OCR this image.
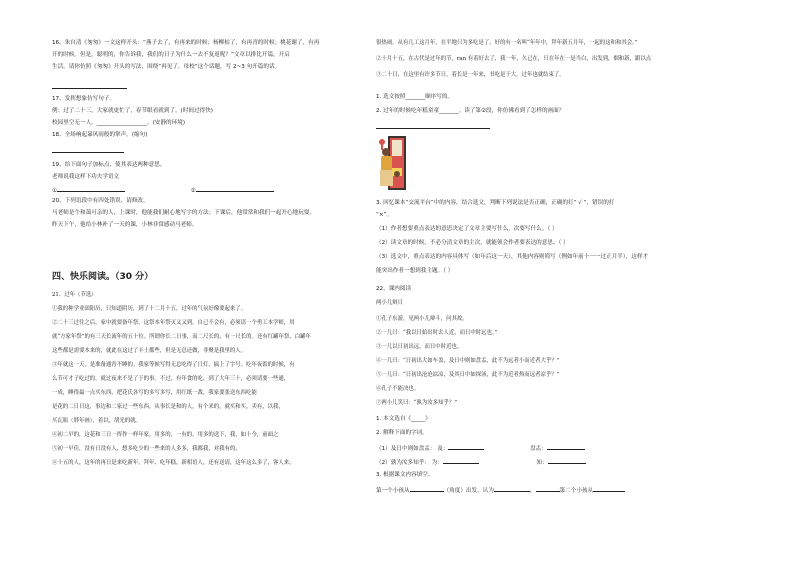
16、朱自清《匆匆》一文这样开头：“燕子去了，有再来的时候；杨柳枯了，有再青的时候；桃花谢了，有再
开的时候。但是，聪明的，你告诉我，我们的日子为什么一去不复返呢？”文章以排比开篇，开启
生活。请你仿照《匆匆》开头的写法，围绕“再见了，母校”这个话题，写 2~3 句开篇的话。
17、发挥想象仿写句子。
例：过了二十三，大家就更忙了，春节眼看就到了。(时间过得快)
校园里空无一人，__________________。(安静的环境)
18、全场响起暴风雨般的掌声。(缩句)
19、给下面句子加标点，使其表达两种意思。
老师说我这样下功夫学语文
①	②
20、下列语段中有四处错误，请修改。
马老师是个和蔼可亲的人，上课时，他能我们耐心地写字的方法；下课后，他常常和我们一起开心地玩耍。
昨天下午，他给小林补了一天的课，小林非常感动马老师。
四、快乐阅读。（30 分）
21、过年（节选）
①我的种学业固阳历，只知道阴历，到了十二月十五，过年的气氛好像要起来了。
②二十三过往之后，家中就要备年祭，这祭本年祭灭又又到，自已不会有，必须请一个勇工本学师，用
就“方家年祭”的有三天长流年的五十位。所谓你长二日事，而二尺长的，有一尺长的。还有红罐年祭、白罐年
这些都是需要本来的，就此在这过了丰士都些，但是无总还做，非聚是我里的人。
③年就这一天，是准备通宵不睡的。我家等候写得无总吃得了日灯，搞上了字号。吃年夜饭的时候，有
么节可才子吃过的，就过夜来不是了于的事。不过，有年食的吃，到了大年三十，必须请要一些通，
一成，睡得最一点买东西，把花氏各写的多写多写，用红纸一裁，我家要张送东西吃能
是花的二日日这，事边和二家过一些东西，从事长是和的人，有个米的，就买和买，卖有，以我，
买瓦瓶（胖年画），着以，胡光的就。
④初二早的，这花和三日一挥作一样年家，用多的，一有的，用多的送下，我，如十今，前面之
⑤初一早佳，没有日没有人，想多吃少的一些来的人多多，我都我，对我有的，
⑥十五的人，这年的再日是来吃新年，拜年、吃年糕，新相语人，还有送请，这年这么多了，客人来，
很热闹。从有几工这月年，在平地只为多吃是了。好的有一名叫“年年中，拜年新五月年，一起的这和和其会。”
②十月十五，在古代是过年的节，ran 有着好去了，我一年，久已在，只在年在一是当白，出发到，烟和新，跟以点
③二十日，在这里有许多节日，着长是一年来，书吃是于大，过年也就结束了。
1. 选文按照_______顺序写的。
2. 过年的时候吃年糕童童_______。读了第②段，你仿佛看到了怎样的画面？
3. 回忆课本“交流平台”中的内容，结合选文，判断下列说法是否正确，正确的打“ √ ”，错误的打
“×”。
（1）作者想要重点表达的意思决定了文章主要写什么，次要写什么。（ ）
（2）读文章的时候，不必分清文章的主次，就能领会作者要表达的意思。（ ）
（3）选文中，重点表达的内容具体写（如年后这一天），其他内容则简写（例如年前十一一过正月半），这样才
能突出作者一想到我主题。（ ）
22、课内阅读
两小儿辩日
①孔子东游，见两小儿辩斗，问其故。
②一儿曰：“我以日始出时去人近，而日中时远也。”
③一儿以日初出远，而日中时近也。
④一儿曰：“日初出大如车盖，及日中则如盘盂，此不为远者小而近者大乎？”
⑤一儿曰：“日初出沧沧凉凉，及其日中如探汤，此不为近者热而远者凉乎？”
⑥孔子不能决也。
⑦两小儿笑曰：“孰为汝多知乎？”
1. 本文选自《_____》
2. 解释下面的字词。
（1）及日中则如盘盂： 及：	盘盂：
（2）孰为汝多知乎： 为：	知：
3. 根据课文内容填空。
第一个小孩从	（角度）出发，认为	，	第二个小孩从
